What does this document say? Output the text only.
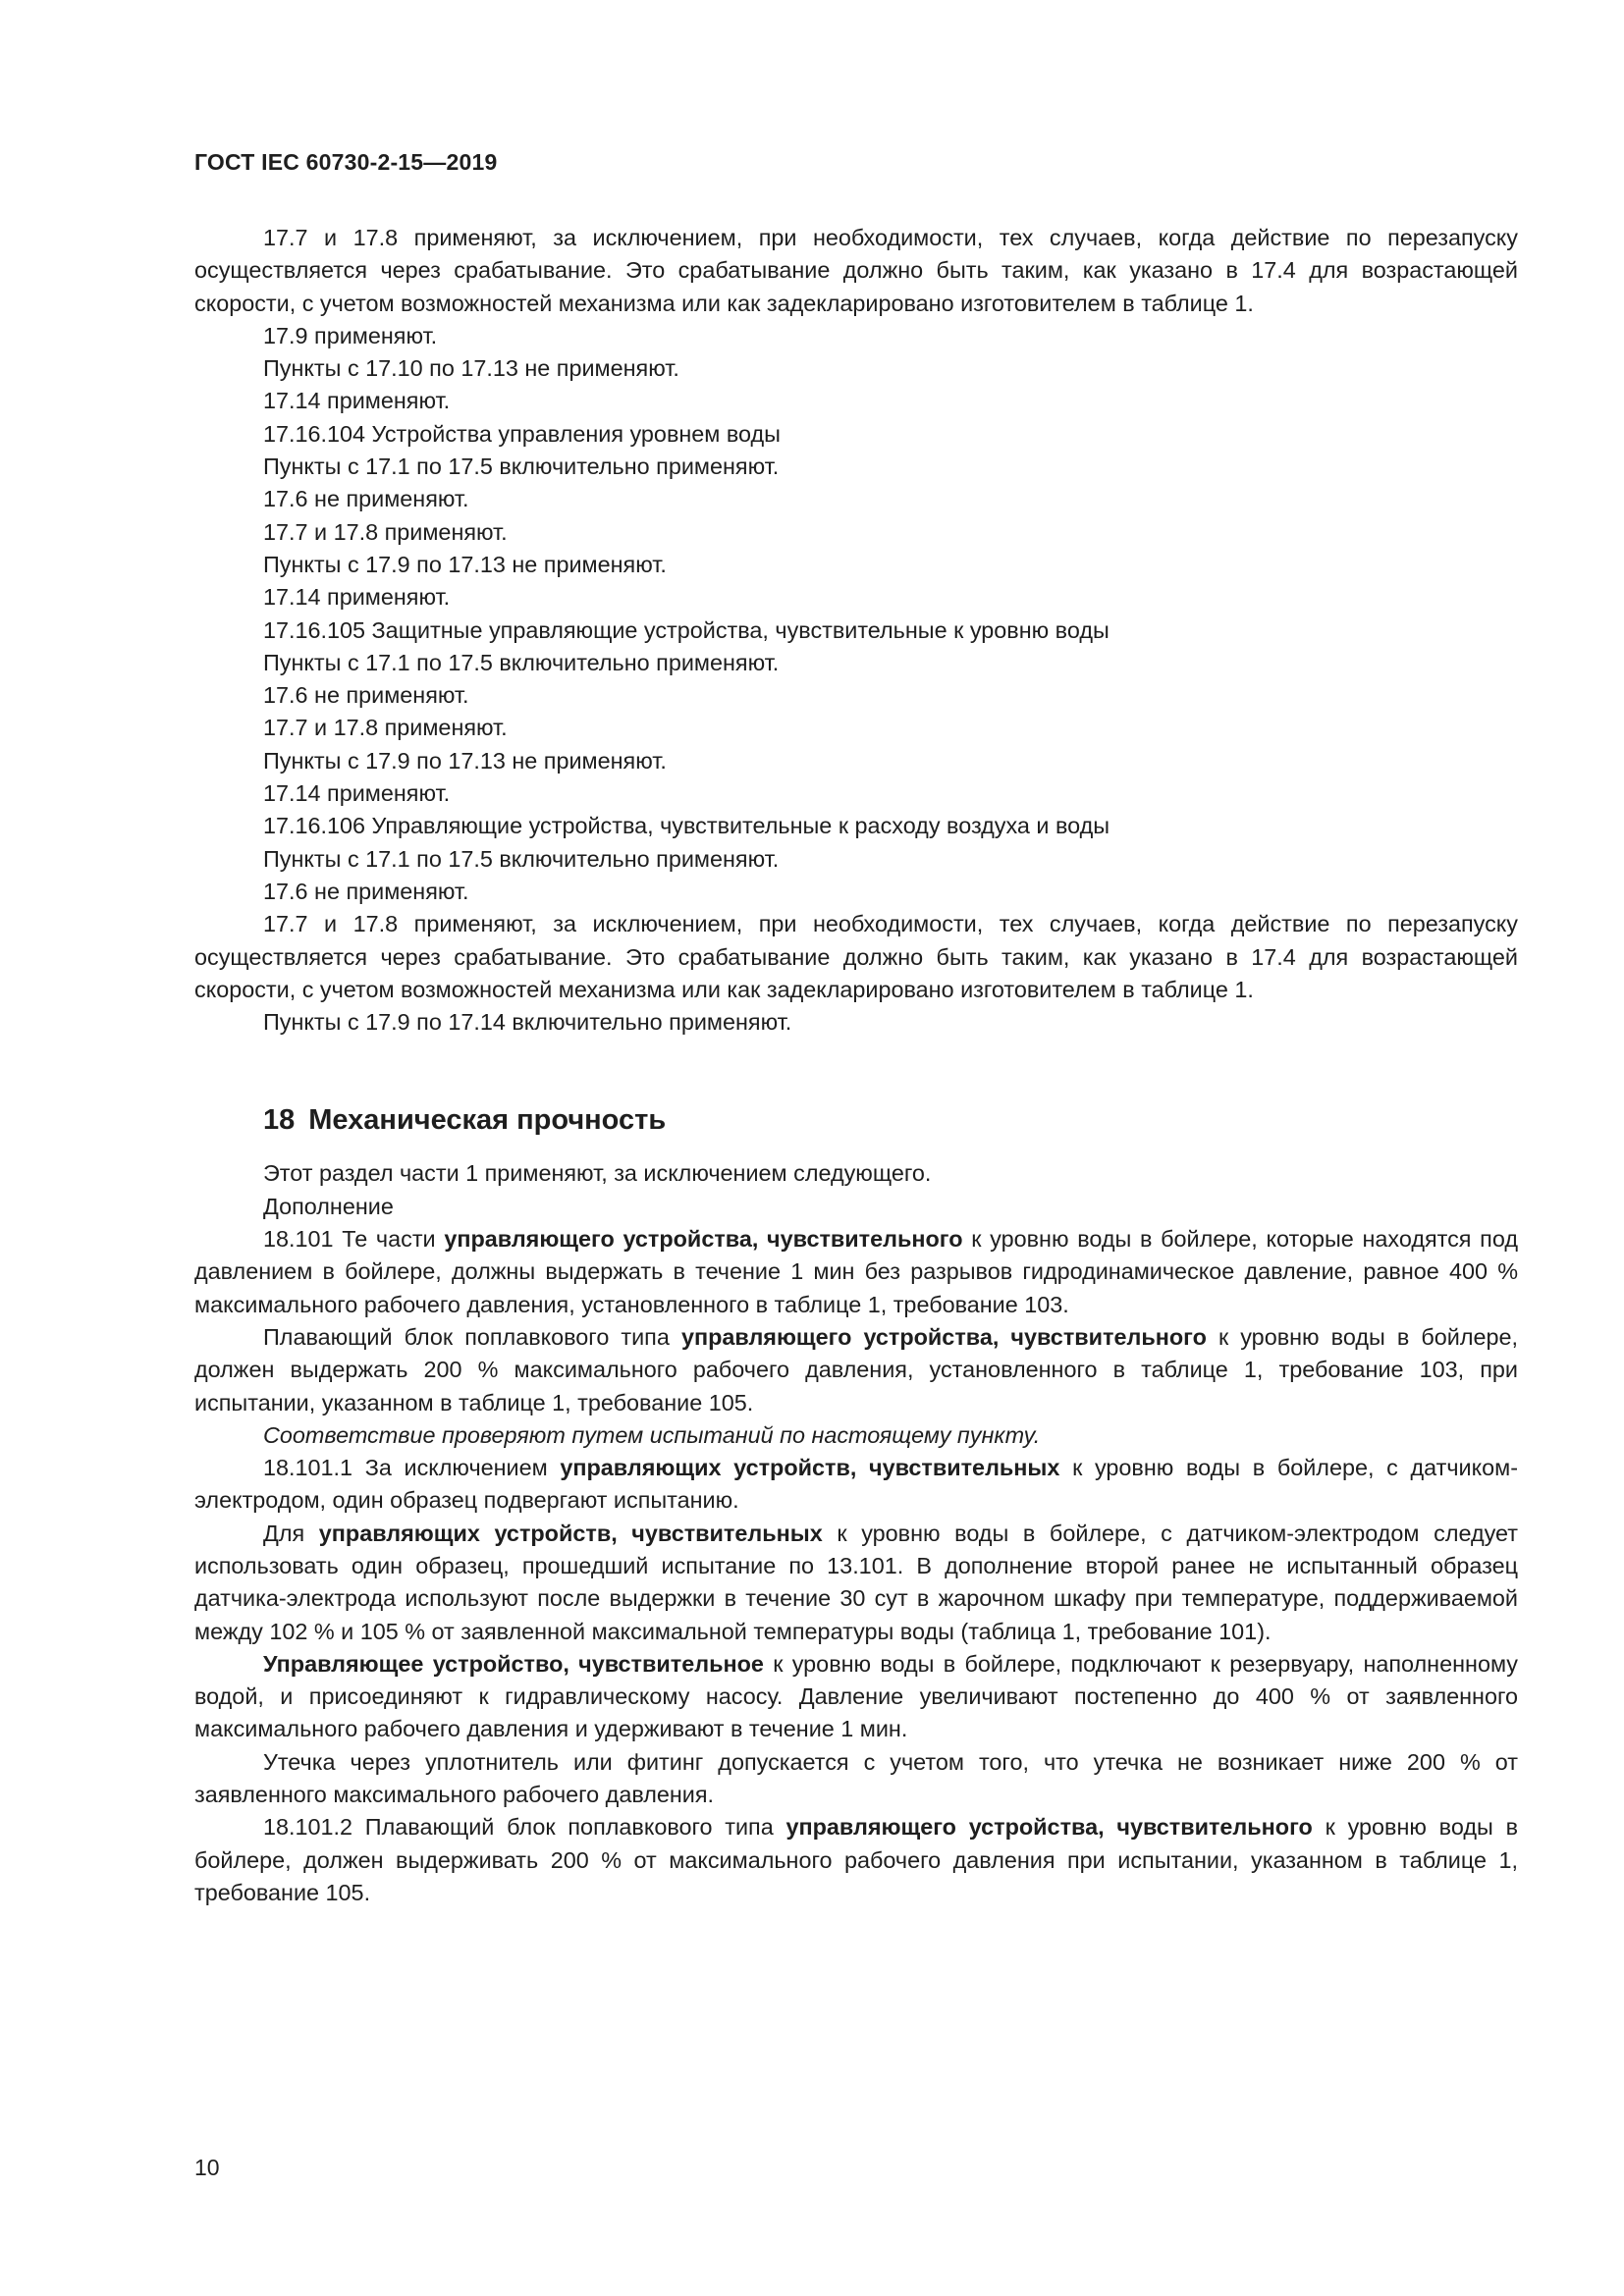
ГОСТ IEC 60730-2-15—2019

17.7 и 17.8 применяют, за исключением, при необходимости, тех случаев, когда действие по перезапуску осуществляется через срабатывание. Это срабатывание должно быть таким, как указано в 17.4 для возрастающей скорости, с учетом возможностей механизма или как задекларировано изготовителем в таблице 1.

17.9 применяют.

Пункты с 17.10 по 17.13 не применяют.

17.14 применяют.

17.16.104 Устройства управления уровнем воды

Пункты с 17.1 по 17.5 включительно применяют.

17.6 не применяют.

17.7 и 17.8 применяют.

Пункты с 17.9 по 17.13 не применяют.

17.14 применяют.

17.16.105 Защитные управляющие устройства, чувствительные к уровню воды

Пункты с 17.1 по 17.5 включительно применяют.

17.6 не применяют.

17.7 и 17.8 применяют.

Пункты с 17.9 по 17.13 не применяют.

17.14 применяют.

17.16.106 Управляющие устройства, чувствительные к расходу воздуха и воды

Пункты с 17.1 по 17.5 включительно применяют.

17.6 не применяют.

17.7 и 17.8 применяют, за исключением, при необходимости, тех случаев, когда действие по перезапуску осуществляется через срабатывание. Это срабатывание должно быть таким, как указано в 17.4 для возрастающей скорости, с учетом возможностей механизма или как задекларировано изготовителем в таблице 1.

Пункты с 17.9 по 17.14 включительно применяют.

18 Механическая прочность

Этот раздел части 1 применяют, за исключением следующего.

Дополнение

18.101 Те части управляющего устройства, чувствительного к уровню воды в бойлере, которые находятся под давлением в бойлере, должны выдержать в течение 1 мин без разрывов гидродинамическое давление, равное 400 % максимального рабочего давления, установленного в таблице 1, требование 103.

Плавающий блок поплавкового типа управляющего устройства, чувствительного к уровню воды в бойлере, должен выдержать 200 % максимального рабочего давления, установленного в таблице 1, требование 103, при испытании, указанном в таблице 1, требование 105.

Соответствие проверяют путем испытаний по настоящему пункту.

18.101.1 За исключением управляющих устройств, чувствительных к уровню воды в бойлере, с датчиком-электродом, один образец подвергают испытанию.

Для управляющих устройств, чувствительных к уровню воды в бойлере, с датчиком-электродом следует использовать один образец, прошедший испытание по 13.101. В дополнение второй ранее не испытанный образец датчика-электрода используют после выдержки в течение 30 сут в жарочном шкафу при температуре, поддерживаемой между 102 % и 105 % от заявленной максимальной температуры воды (таблица 1, требование 101).

Управляющее устройство, чувствительное к уровню воды в бойлере, подключают к резервуару, наполненному водой, и присоединяют к гидравлическому насосу. Давление увеличивают постепенно до 400 % от заявленного максимального рабочего давления и удерживают в течение 1 мин.

Утечка через уплотнитель или фитинг допускается с учетом того, что утечка не возникает ниже 200 % от заявленного максимального рабочего давления.

18.101.2 Плавающий блок поплавкового типа управляющего устройства, чувствительного к уровню воды в бойлере, должен выдерживать 200 % от максимального рабочего давления при испытании, указанном в таблице 1, требование 105.

10
